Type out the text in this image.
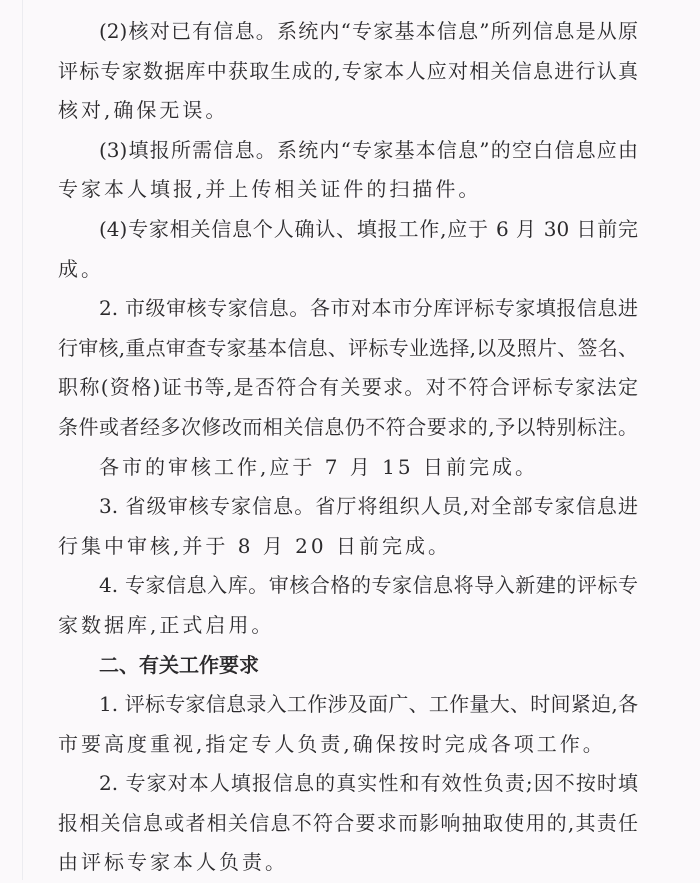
(2)核对已有信息。系统内“专家基本信息”所列信息是从原
评标专家数据库中获取生成的,专家本人应对相关信息进行认真
核对,确保无误。
(3)填报所需信息。系统内“专家基本信息”的空白信息应由
专家本人填报,并上传相关证件的扫描件。
(4)专家相关信息个人确认、填报工作,应于 6 月 30 日前完
成。
2. 市级审核专家信息。各市对本市分库评标专家填报信息进
行审核,重点审查专家基本信息、评标专业选择,以及照片、签名、
职称(资格)证书等,是否符合有关要求。对不符合评标专家法定
条件或者经多次修改而相关信息仍不符合要求的,予以特别标注。
各市的审核工作,应于 7 月 15 日前完成。
3. 省级审核专家信息。省厅将组织人员,对全部专家信息进
行集中审核,并于 8 月 20 日前完成。
4. 专家信息入库。审核合格的专家信息将导入新建的评标专
家数据库,正式启用。
二、有关工作要求
1. 评标专家信息录入工作涉及面广、工作量大、时间紧迫,各
市要高度重视,指定专人负责,确保按时完成各项工作。
2. 专家对本人填报信息的真实性和有效性负责;因不按时填
报相关信息或者相关信息不符合要求而影响抽取使用的,其责任
由评标专家本人负责。
